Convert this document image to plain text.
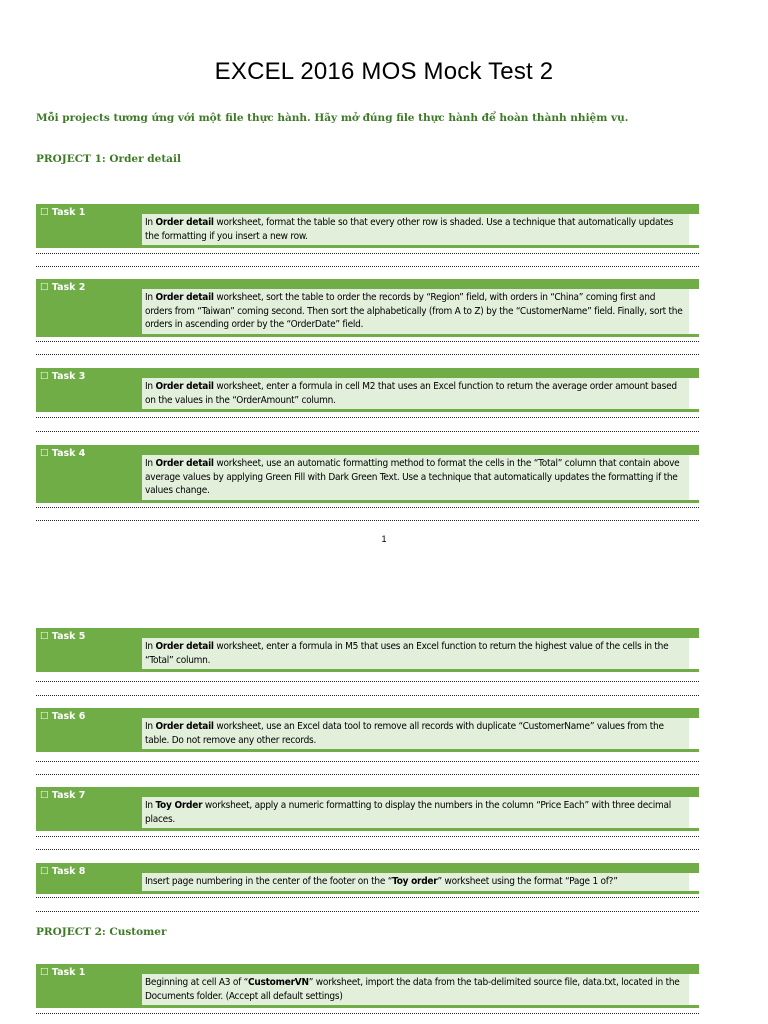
EXCEL 2016 MOS Mock Test 2
Mỗi projects tương ứng với một file thực hành. Hãy mở đúng file thực hành để hoàn thành nhiệm vụ.
PROJECT 1: Order detail
☐ Task 1
In Order detail worksheet, format the table so that every other row is shaded. Use a technique that automatically updates the formatting if you insert a new row.
☐ Task 2
In Order detail worksheet, sort the table to order the records by “Region” field, with orders in “China” coming first and orders from “Taiwan” coming second. Then sort the alphabetically (from A to Z) by the “CustomerName” field. Finally, sort the orders in ascending order by the “OrderDate” field.
☐ Task 3
In Order detail worksheet, enter a formula in cell M2 that uses an Excel function to return the average order amount based on the values in the “OrderAmount” column.
☐ Task 4
In Order detail worksheet, use an automatic formatting method to format the cells in the “Total” column that contain above average values by applying Green Fill with Dark Green Text. Use a technique that automatically updates the formatting if the values change.
1
☐ Task 5
In Order detail worksheet, enter a formula in M5 that uses an Excel function to return the highest value of the cells in the “Total” column.
☐ Task 6
In Order detail worksheet, use an Excel data tool to remove all records with duplicate “CustomerName” values from the table. Do not remove any other records.
☐ Task 7
In Toy Order worksheet, apply a numeric formatting to display the numbers in the column “Price Each” with three decimal places.
☐ Task 8
Insert page numbering in the center of the footer on the “Toy order” worksheet using the format “Page 1 of?”
PROJECT 2: Customer
☐ Task 1
Beginning at cell A3 of “CustomerVN” worksheet, import the data from the tab-delimited source file, data.txt, located in the Documents folder. (Accept all default settings)
